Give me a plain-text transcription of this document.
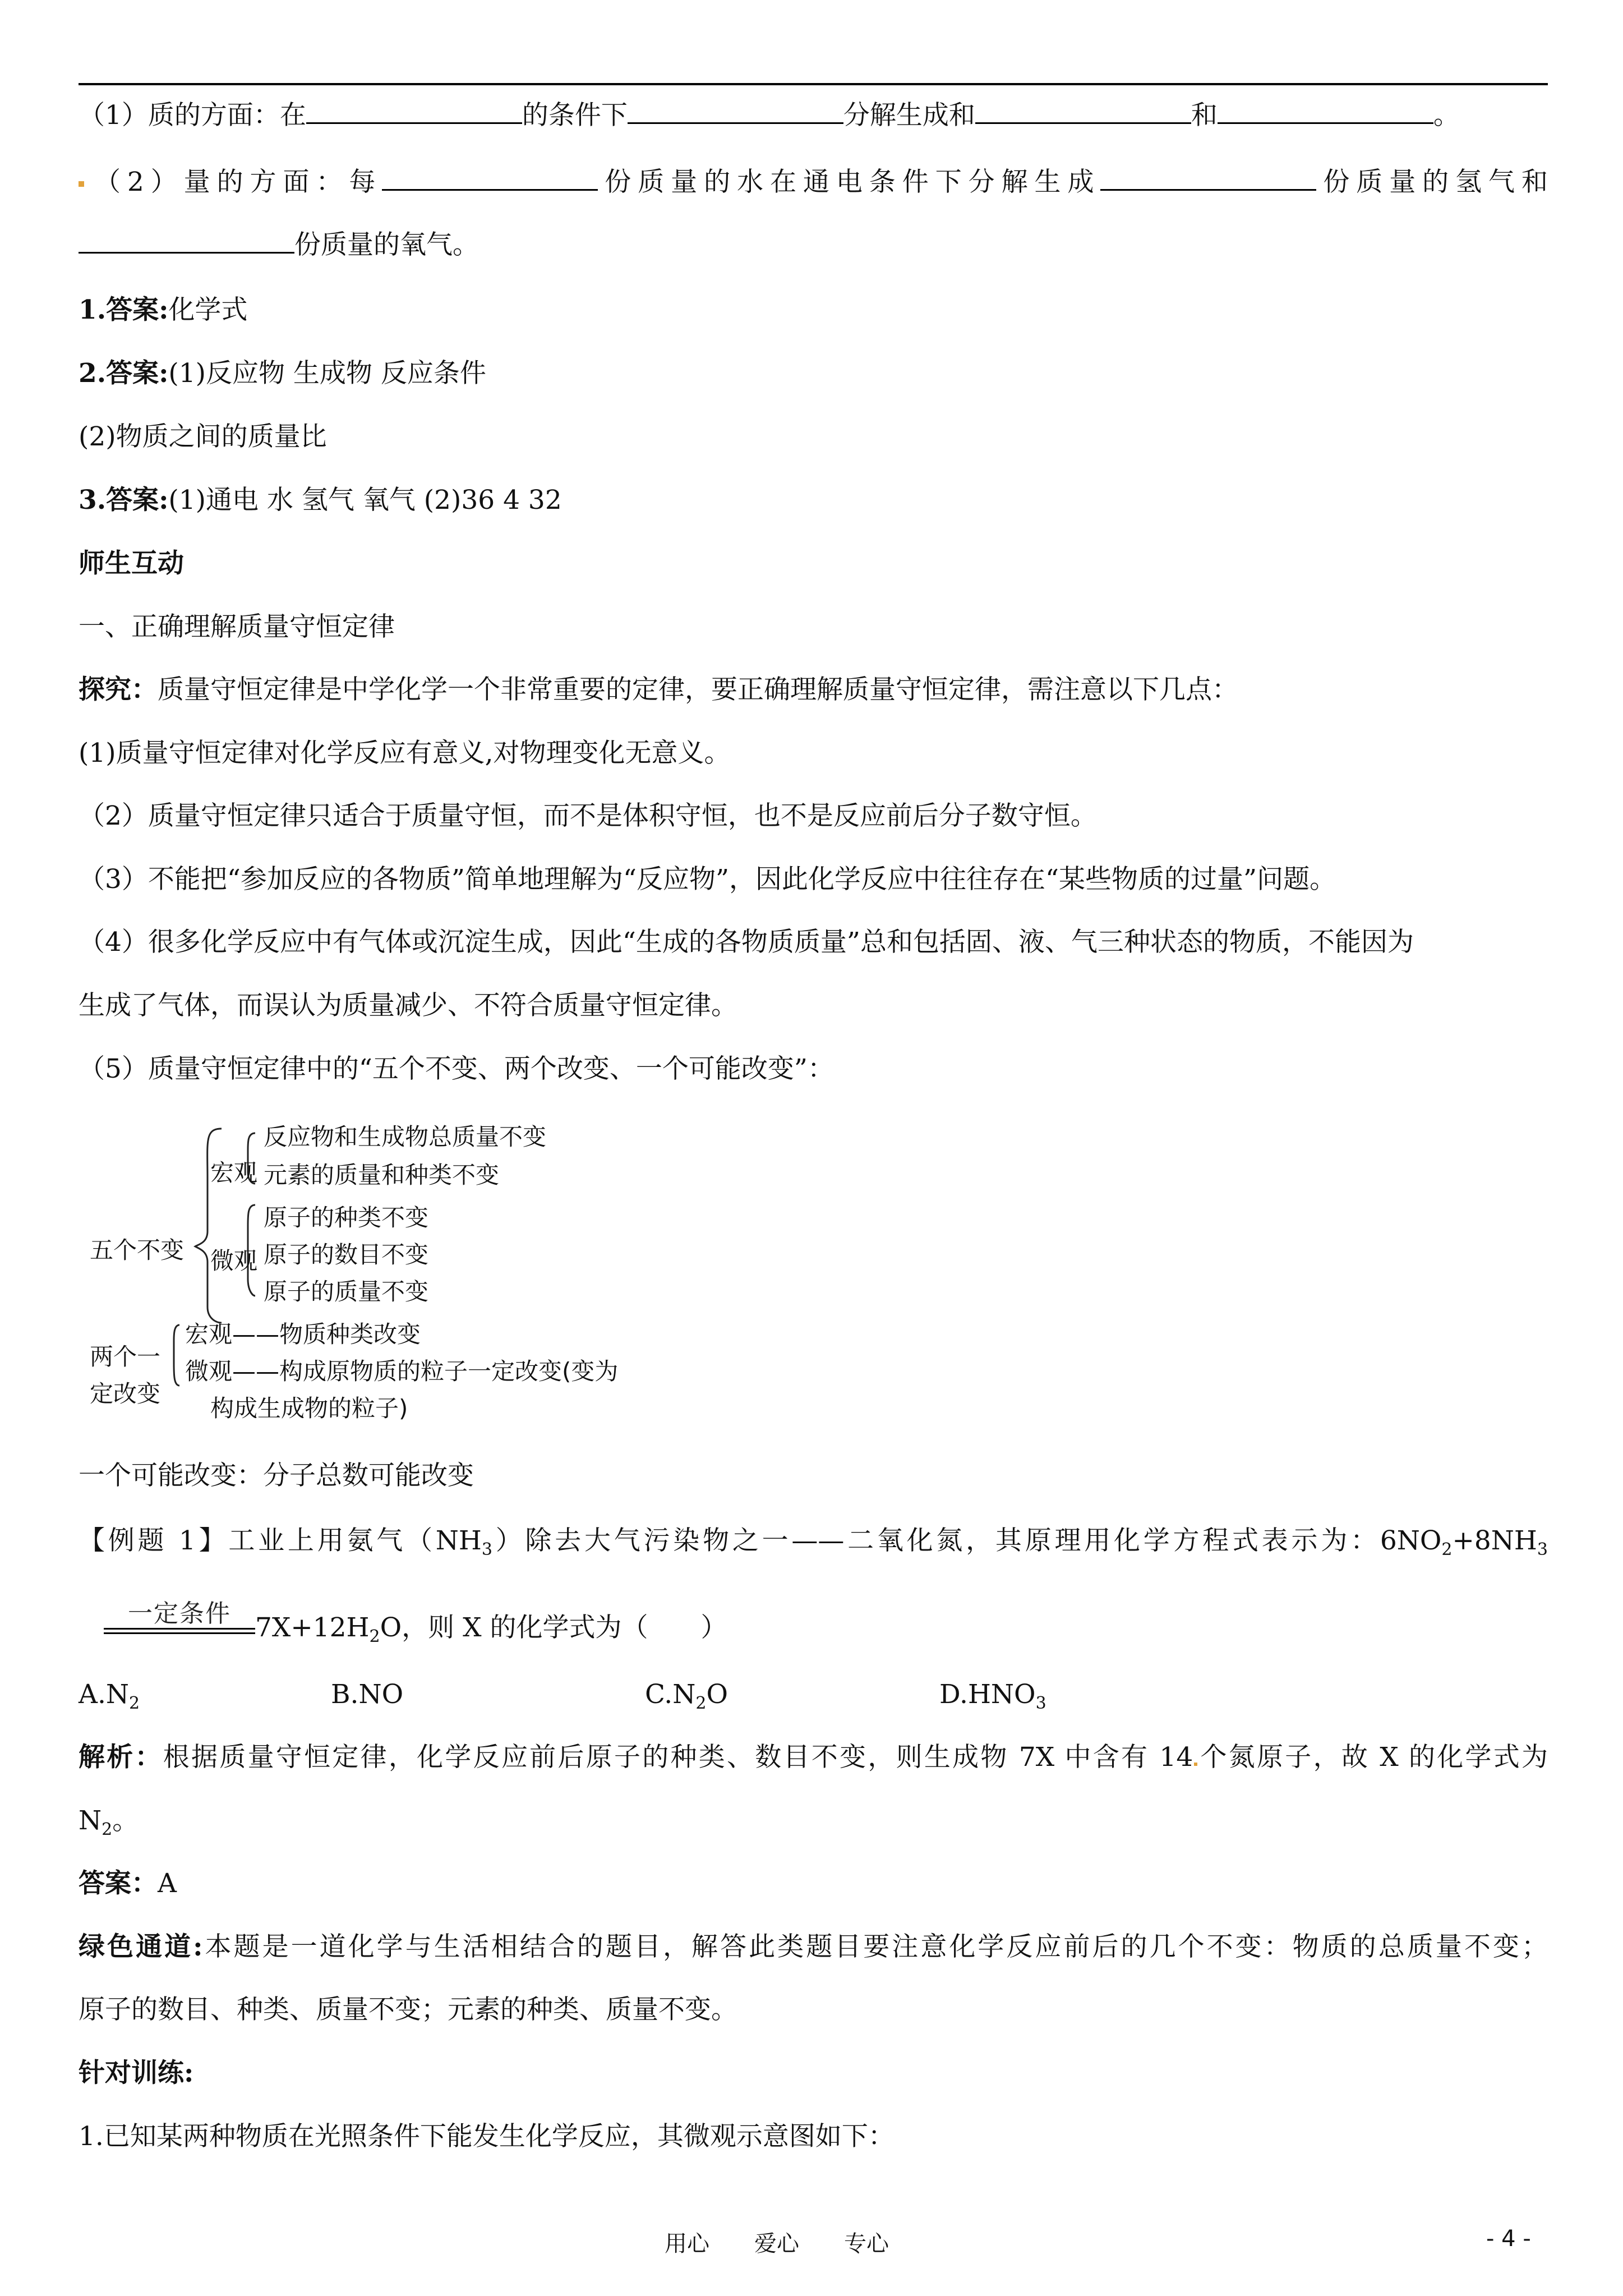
（1）质的方面：在	的条件下	分解生成和	和	。
（2）量的方面：每	份质量的水在通电条件下分解生成	份质量的氢气和
份质量的氧气。
1.答案:化学式
2.答案:(1)反应物 生成物 反应条件
(2)物质之间的质量比
3.答案:(1)通电 水 氢气 氧气 (2)36 4 32
师生互动
一、正确理解质量守恒定律
探究：质量守恒定律是中学化学一个非常重要的定律，要正确理解质量守恒定律，需注意以下几点：
(1)质量守恒定律对化学反应有意义,对物理变化无意义。
（2）质量守恒定律只适合于质量守恒，而不是体积守恒，也不是反应前后分子数守恒。
（3）不能把“参加反应的各物质”简单地理解为“反应物”，因此化学反应中往往存在“某些物质的过量”问题。
（4）很多化学反应中有气体或沉淀生成，因此“生成的各物质质量”总和包括固、液、气三种状态的物质，不能因为
生成了气体，而误认为质量减少、不符合质量守恒定律。
（5）质量守恒定律中的“五个不变、两个改变、一个可能改变”：
五个不变
宏观
微观
反应物和生成物总质量不变
元素的质量和种类不变
原子的种类不变
原子的数目不变
原子的质量不变
两个一
定改变
宏观——物质种类改变
微观——构成原物质的粒子一定改变(变为
构成生成物的粒子)
一个可能改变：分子总数可能改变
【例题 1】工业上用氨气$(NH_3)$除去大气污染物之一——二氧化氮，其原理用化学方程式表示为：$6NO_2+8NH_3$
一定条件 $7X+12H_2O$，则 X 的化学式为（　　）
$A.N_2$	B.NO	$C.N_2O$	$D.HNO_3$
解析：根据质量守恒定律，化学反应前后原子的种类、数目不变，则生成物 7X 中含有 14 个氮原子，故 X 的化学式为
$N_2$。
答案：A
绿色通道:本题是一道化学与生活相结合的题目，解答此类题目要注意化学反应前后的几个不变：物质的总质量不变；
原子的数目、种类、质量不变；元素的种类、质量不变。
针对训练:
1.已知某两种物质在光照条件下能发生化学反应，其微观示意图如下：
用心　　爱心　　专心	- 4 -
